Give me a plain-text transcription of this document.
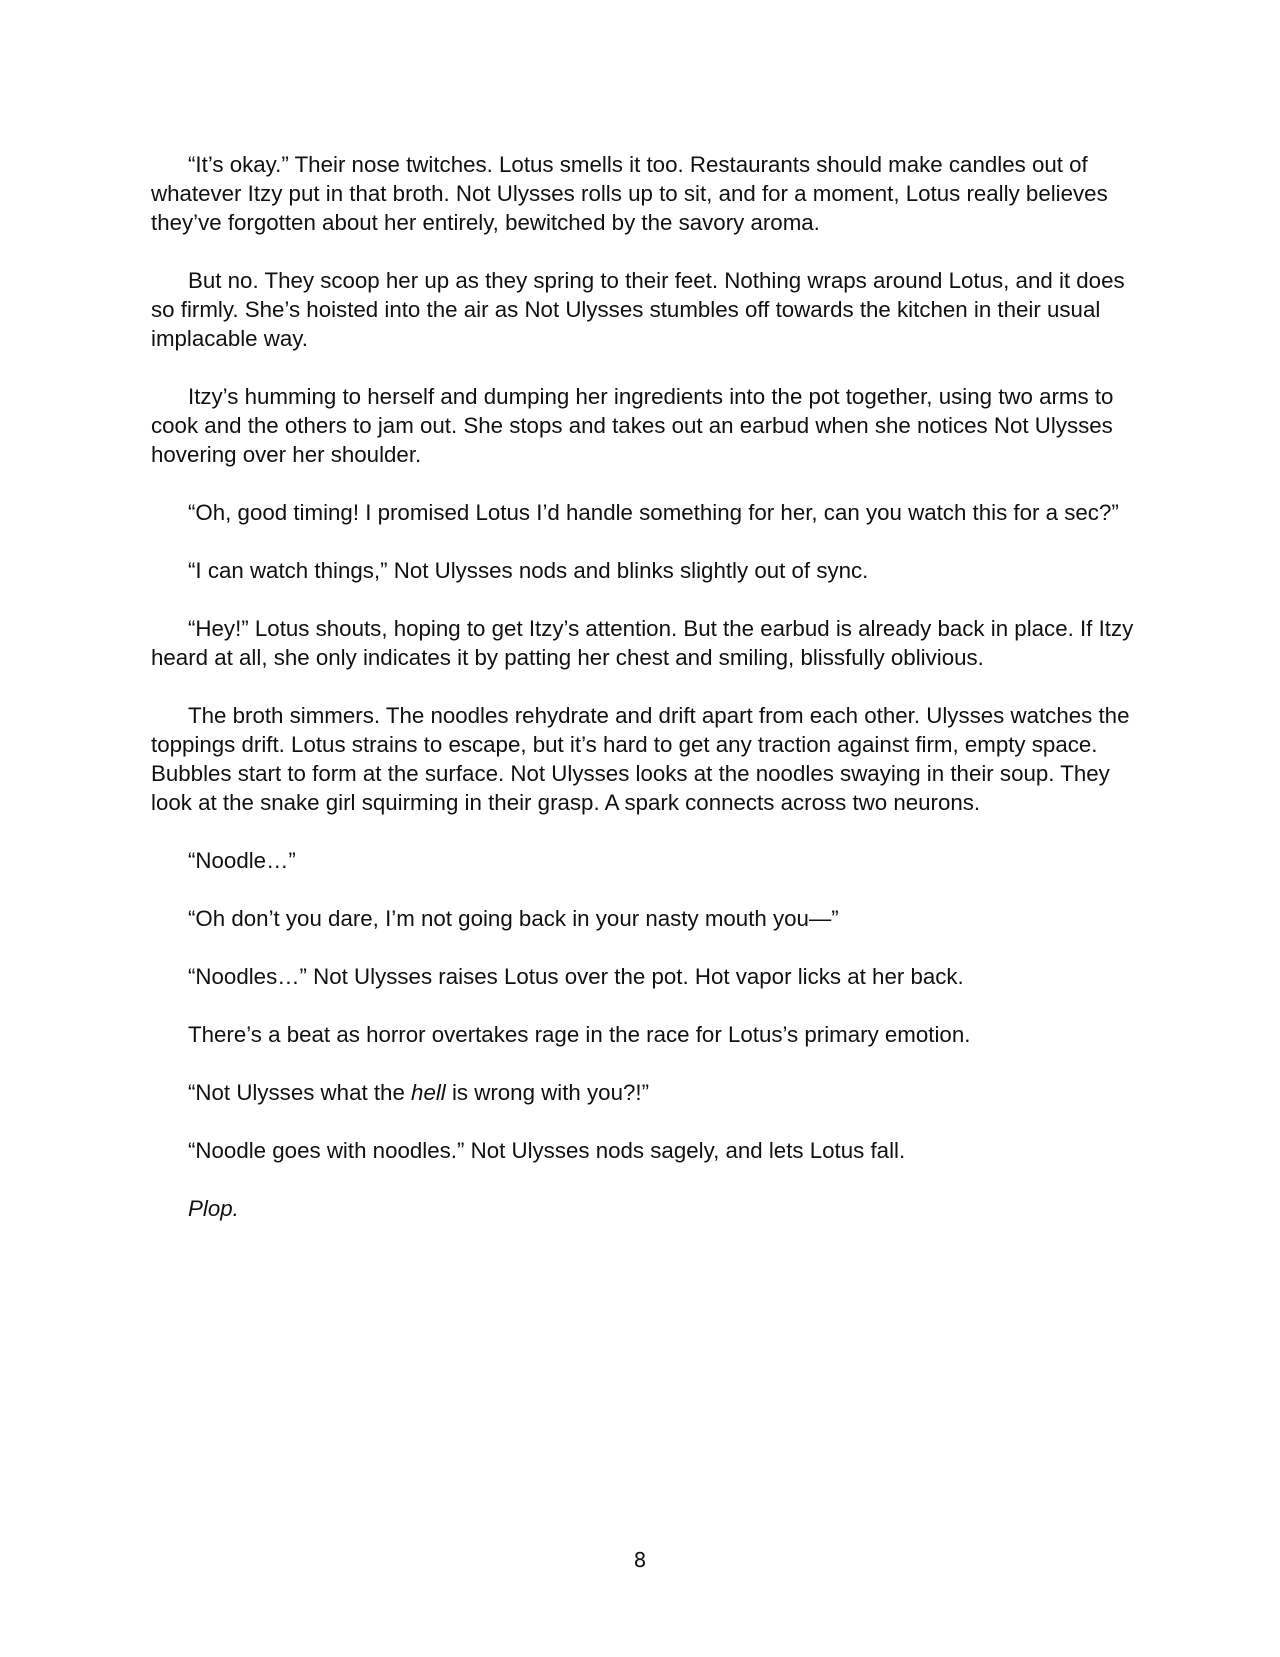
“It’s okay.” Their nose twitches. Lotus smells it too. Restaurants should make candles out of whatever Itzy put in that broth. Not Ulysses rolls up to sit, and for a moment, Lotus really believes they’ve forgotten about her entirely, bewitched by the savory aroma.

But no. They scoop her up as they spring to their feet. Nothing wraps around Lotus, and it does so firmly. She’s hoisted into the air as Not Ulysses stumbles off towards the kitchen in their usual implacable way.

Itzy’s humming to herself and dumping her ingredients into the pot together, using two arms to cook and the others to jam out. She stops and takes out an earbud when she notices Not Ulysses hovering over her shoulder.

“Oh, good timing! I promised Lotus I’d handle something for her, can you watch this for a sec?”

“I can watch things,” Not Ulysses nods and blinks slightly out of sync.

“Hey!” Lotus shouts, hoping to get Itzy’s attention. But the earbud is already back in place. If Itzy heard at all, she only indicates it by patting her chest and smiling, blissfully oblivious.

The broth simmers. The noodles rehydrate and drift apart from each other. Ulysses watches the toppings drift. Lotus strains to escape, but it’s hard to get any traction against firm, empty space. Bubbles start to form at the surface. Not Ulysses looks at the noodles swaying in their soup. They look at the snake girl squirming in their grasp. A spark connects across two neurons.

“Noodle…”

“Oh don’t you dare, I’m not going back in your nasty mouth you—”

“Noodles…” Not Ulysses raises Lotus over the pot. Hot vapor licks at her back.

There’s a beat as horror overtakes rage in the race for Lotus’s primary emotion.

“Not Ulysses what the hell is wrong with you?!”

“Noodle goes with noodles.” Not Ulysses nods sagely, and lets Lotus fall.

Plop.

8
